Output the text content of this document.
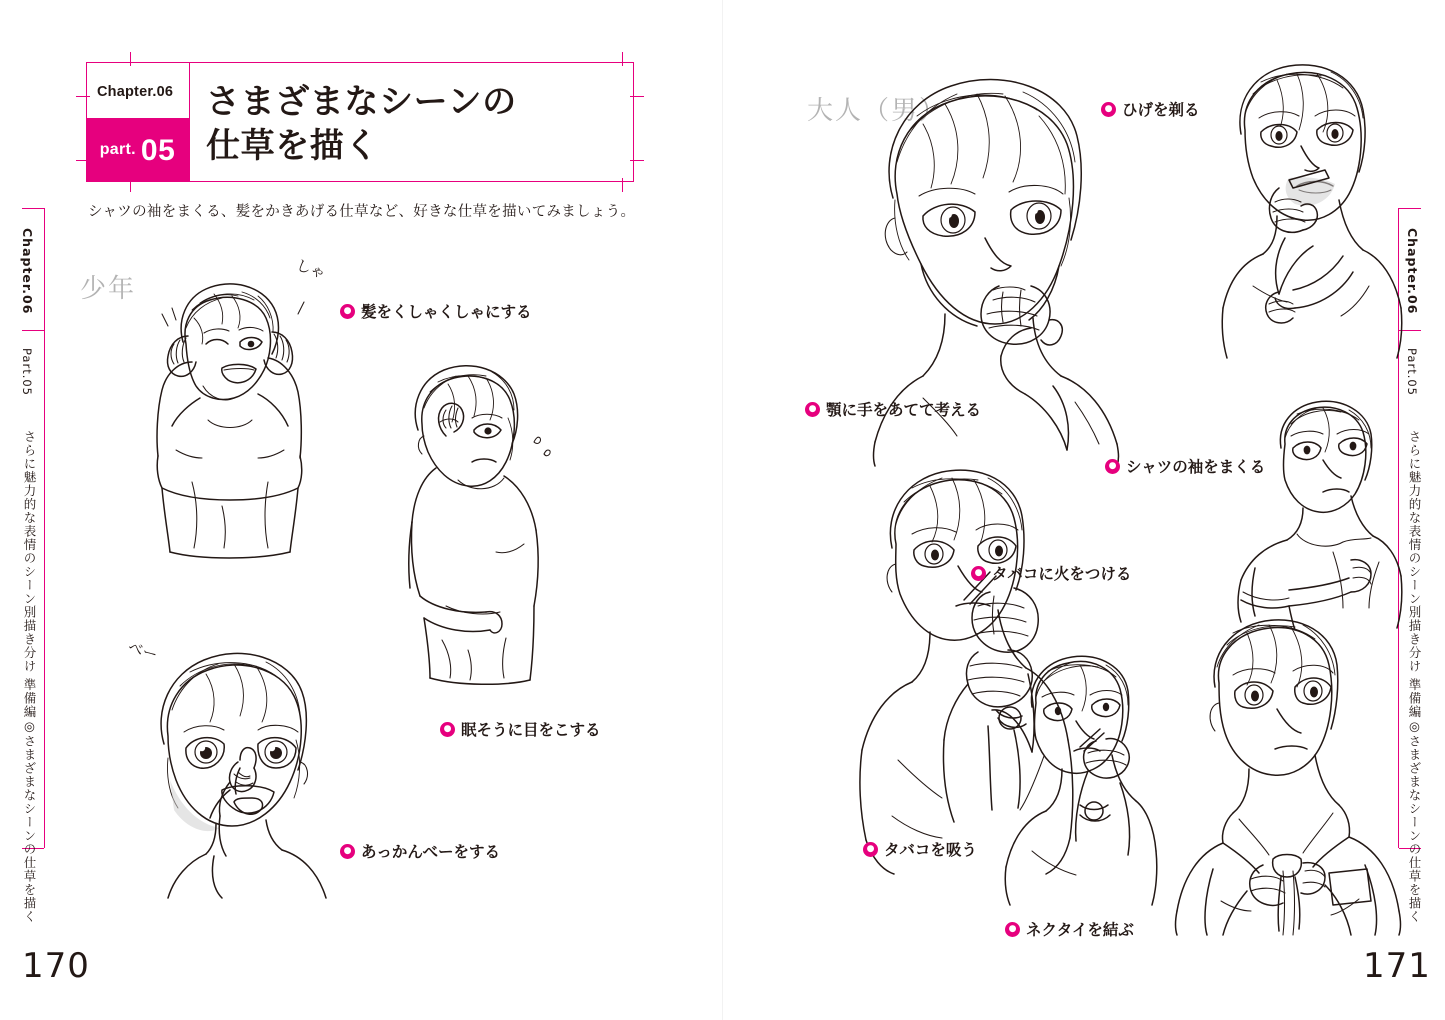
Chapter.06
part. 05
さまざまなシーンの
仕草を描く
シャツの袖をまくる、髪をかきあげる仕草など、好きな仕草を描いてみましょう。
Chapter.06
Part.05
さらに魅力的な表情のシーン別描き分け 準備編◎さまざまなシーンの仕草を描く
少年
しゃ
べー
● 髪をくしゃくしゃにする
● 眠そうに目をこする
● あっかんべーをする
170
Chapter.06
Part.05
さらに魅力的な表情のシーン別描き分け 準備編◎さまざまなシーンの仕草を描く
大人（男）	● ひげを剃る
● 顎に手をあてて考える
● シャツの袖をまくる
● タバコに火をつける
● タバコを吸う
● ネクタイを結ぶ
171
